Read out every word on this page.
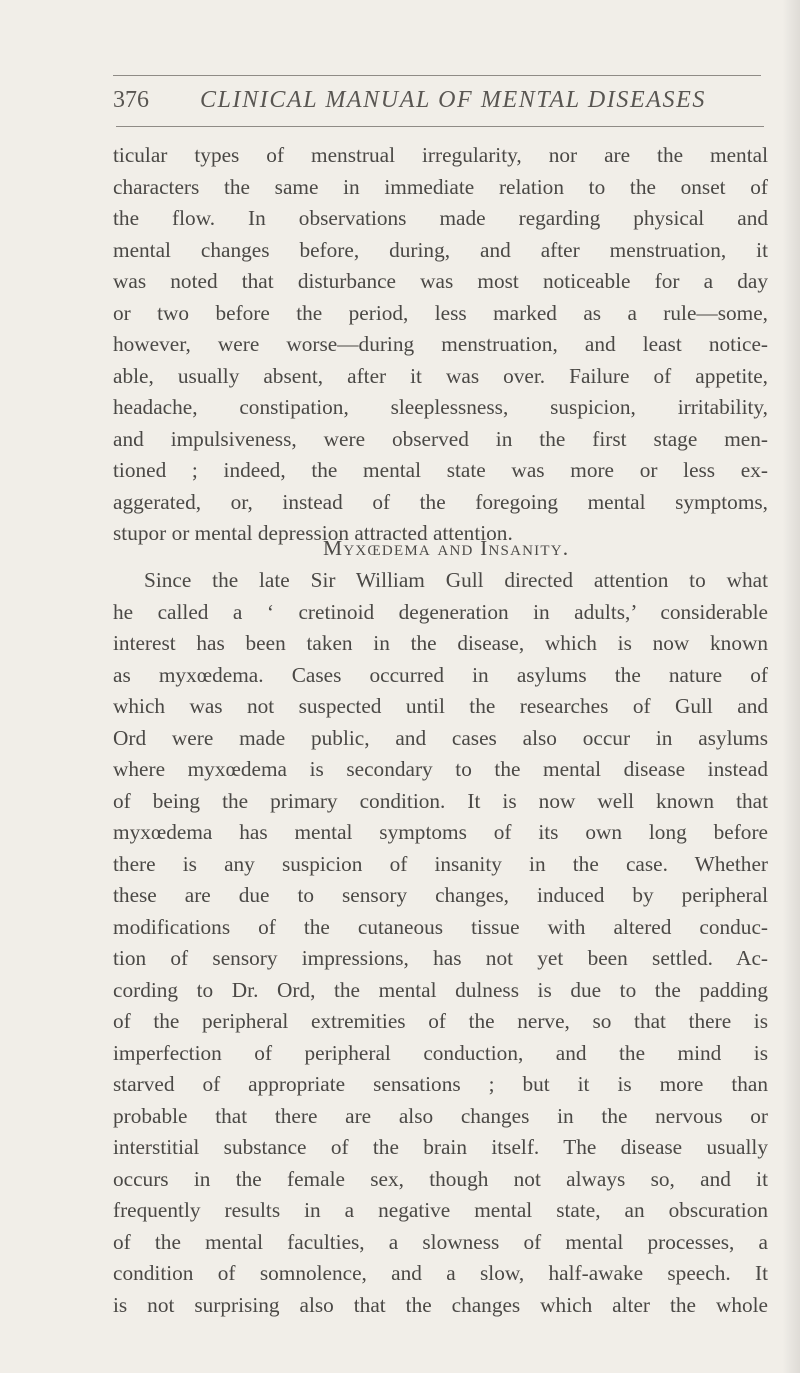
376 CLINICAL MANUAL OF MENTAL DISEASES
ticular types of menstrual irregularity, nor are the mental
characters the same in immediate relation to the onset of
the flow. In observations made regarding physical and
mental changes before, during, and after menstruation, it
was noted that disturbance was most noticeable for a day
or two before the period, less marked as a rule—some,
however, were worse—during menstruation, and least notice-
able, usually absent, after it was over. Failure of appetite,
headache, constipation, sleeplessness, suspicion, irritability,
and impulsiveness, were observed in the first stage men-
tioned ; indeed, the mental state was more or less ex-
aggerated, or, instead of the foregoing mental symptoms,
stupor or mental depression attracted attention.
Myxœdema and Insanity.
Since the late Sir William Gull directed attention to what
he called a ‘ cretinoid degeneration in adults,’ considerable
interest has been taken in the disease, which is now known
as myxœdema. Cases occurred in asylums the nature of
which was not suspected until the researches of Gull and
Ord were made public, and cases also occur in asylums
where myxœdema is secondary to the mental disease instead
of being the primary condition. It is now well known that
myxœdema has mental symptoms of its own long before
there is any suspicion of insanity in the case. Whether
these are due to sensory changes, induced by peripheral
modifications of the cutaneous tissue with altered conduc-
tion of sensory impressions, has not yet been settled. Ac-
cording to Dr. Ord, the mental dulness is due to the padding
of the peripheral extremities of the nerve, so that there is
imperfection of peripheral conduction, and the mind is
starved of appropriate sensations ; but it is more than
probable that there are also changes in the nervous or
interstitial substance of the brain itself. The disease usually
occurs in the female sex, though not always so, and it
frequently results in a negative mental state, an obscuration
of the mental faculties, a slowness of mental processes, a
condition of somnolence, and a slow, half-awake speech. It
is not surprising also that the changes which alter the whole
